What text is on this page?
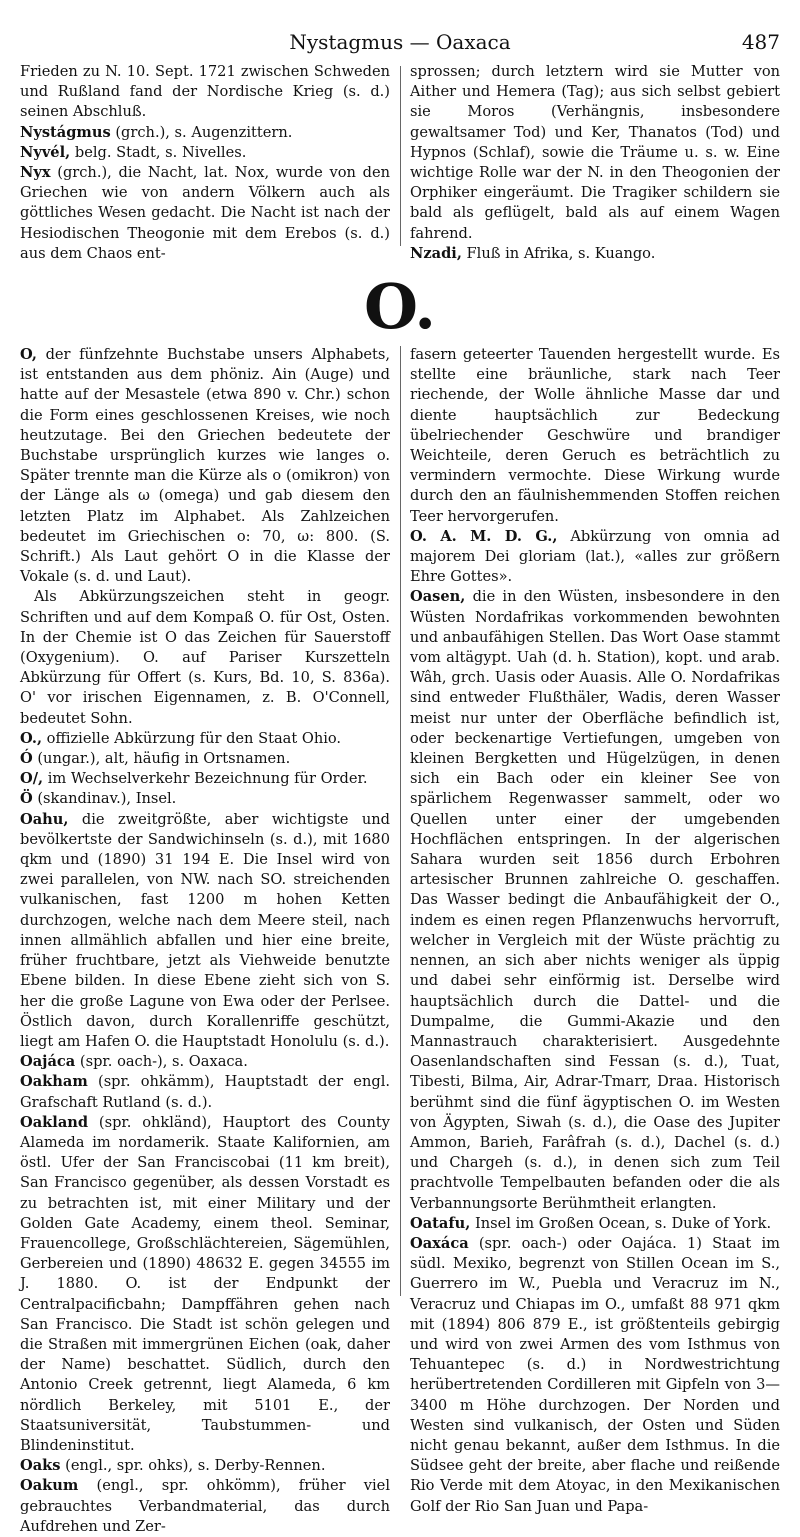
Nystagmus — Oaxaca	487

Frieden zu N. 10. Sept. 1721 zwischen Schweden und Rußland fand der Nordische Krieg (s. d.) seinen Abschluß.

Nystágmus (grch.), s. Augenzittern.

Nyvél, belg. Stadt, s. Nivelles.

Nyx (grch.), die Nacht, lat. Nox, wurde von den Griechen wie von andern Völkern auch als göttliches Wesen gedacht. Die Nacht ist nach der Hesiodischen Theogonie mit dem Erebos (s. d.) aus dem Chaos ent-

sprossen; durch letztern wird sie Mutter von Aither und Hemera (Tag); aus sich selbst gebiert sie Moros (Verhängnis, insbesondere gewaltsamer Tod) und Ker, Thanatos (Tod) und Hypnos (Schlaf), sowie die Träume u. s. w. Eine wichtige Rolle war der N. in den Theogonien der Orphiker eingeräumt. Die Tragiker schildern sie bald als geflügelt, bald als auf einem Wagen fahrend.

Nzadi, Fluß in Afrika, s. Kuango.

O.

O, der fünfzehnte Buchstabe unsers Alphabets, ist entstanden aus dem phöniz. Ain (Auge) und hatte auf der Mesastele (etwa 890 v. Chr.) schon die Form eines geschlossenen Kreises, wie noch heutzutage. Bei den Griechen bedeutete der Buchstabe ursprünglich kurzes wie langes o. Später trennte man die Kürze als o (omikron) von der Länge als ω (omega) und gab diesem den letzten Platz im Alphabet. Als Zahlzeichen bedeutet im Griechischen o: 70, ω: 800. (S. Schrift.) Als Laut gehört O in die Klasse der Vokale (s. d. und Laut).

Als Abkürzungszeichen steht in geogr. Schriften und auf dem Kompaß O. für Ost, Osten. In der Chemie ist O das Zeichen für Sauerstoff (Oxygenium). O. auf Pariser Kurszetteln Abkürzung für Offert (s. Kurs, Bd. 10, S. 836a). O' vor irischen Eigennamen, z. B. O'Connell, bedeutet Sohn.

O., offizielle Abkürzung für den Staat Ohio.

Ó (ungar.), alt, häufig in Ortsnamen.

O/, im Wechselverkehr Bezeichnung für Order.

Ö (skandinav.), Insel.

Oahu, die zweitgrößte, aber wichtigste und bevölkertste der Sandwichinseln (s. d.), mit 1680 qkm und (1890) 31 194 E. Die Insel wird von zwei parallelen, von NW. nach SO. streichenden vulkanischen, fast 1200 m hohen Ketten durchzogen, welche nach dem Meere steil, nach innen allmählich abfallen und hier eine breite, früher fruchtbare, jetzt als Viehweide benutzte Ebene bilden. In diese Ebene zieht sich von S. her die große Lagune von Ewa oder der Perlsee. Östlich davon, durch Korallenriffe geschützt, liegt am Hafen O. die Hauptstadt Honolulu (s. d.).

Oajáca (spr. oach-), s. Oaxaca.

Oakham (spr. ohkämm), Hauptstadt der engl. Grafschaft Rutland (s. d.).

Oakland (spr. ohkländ), Hauptort des County Alameda im nordamerik. Staate Kalifornien, am östl. Ufer der San Franciscobai (11 km breit), San Francisco gegenüber, als dessen Vorstadt es zu betrachten ist, mit einer Military und der Golden Gate Academy, einem theol. Seminar, Frauencollege, Großschlächtereien, Sägemühlen, Gerbereien und (1890) 48632 E. gegen 34555 im J. 1880. O. ist der Endpunkt der Centralpacificbahn; Dampffähren gehen nach San Francisco. Die Stadt ist schön gelegen und die Straßen mit immergrünen Eichen (oak, daher der Name) beschattet. Südlich, durch den Antonio Creek getrennt, liegt Alameda, 6 km nördlich Berkeley, mit 5101 E., der Staatsuniversität, Taubstummen- und Blindeninstitut.

Oaks (engl., spr. ohks), s. Derby-Rennen.

Oakum (engl., spr. ohkömm), früher viel gebrauchtes Verbandmaterial, das durch Aufdrehen und Zer-

fasern geteerter Tauenden hergestellt wurde. Es stellte eine bräunliche, stark nach Teer riechende, der Wolle ähnliche Masse dar und diente hauptsächlich zur Bedeckung übelriechender Geschwüre und brandiger Weichteile, deren Geruch es beträchtlich zu vermindern vermochte. Diese Wirkung wurde durch den an fäulnishemmenden Stoffen reichen Teer hervorgerufen.

O. A. M. D. G., Abkürzung von omnia ad majorem Dei gloriam (lat.), «alles zur größern Ehre Gottes».

Oasen, die in den Wüsten, insbesondere in den Wüsten Nordafrikas vorkommenden bewohnten und anbaufähigen Stellen. Das Wort Oase stammt vom altägypt. Uah (d. h. Station), kopt. und arab. Wâh, grch. Uasis oder Auasis. Alle O. Nordafrikas sind entweder Flußthäler, Wadis, deren Wasser meist nur unter der Oberfläche befindlich ist, oder beckenartige Vertiefungen, umgeben von kleinen Bergketten und Hügelzügen, in denen sich ein Bach oder ein kleiner See von spärlichem Regenwasser sammelt, oder wo Quellen unter einer der umgebenden Hochflächen entspringen. In der algerischen Sahara wurden seit 1856 durch Erbohren artesischer Brunnen zahlreiche O. geschaffen. Das Wasser bedingt die Anbaufähigkeit der O., indem es einen regen Pflanzenwuchs hervorruft, welcher in Vergleich mit der Wüste prächtig zu nennen, an sich aber nichts weniger als üppig und dabei sehr einförmig ist. Derselbe wird hauptsächlich durch die Dattel- und die Dumpalme, die Gummi-Akazie und den Mannastrauch charakterisiert. Ausgedehnte Oasenlandschaften sind Fessan (s. d.), Tuat, Tibesti, Bilma, Air, Adrar-Tmarr, Draa. Historisch berühmt sind die fünf ägyptischen O. im Westen von Ägypten, Siwah (s. d.), die Oase des Jupiter Ammon, Barieh, Farâfrah (s. d.), Dachel (s. d.) und Chargeh (s. d.), in denen sich zum Teil prachtvolle Tempelbauten befanden oder die als Verbannungsorte Berühmtheit erlangten.

Oatafu, Insel im Großen Ocean, s. Duke of York.

Oaxáca (spr. oach-) oder Oajáca. 1) Staat im südl. Mexiko, begrenzt von Stillen Ocean im S., Guerrero im W., Puebla und Veracruz im N., Veracruz und Chiapas im O., umfaßt 88 971 qkm mit (1894) 806 879 E., ist größtenteils gebirgig und wird von zwei Armen des vom Isthmus von Tehuantepec (s. d.) in Nordwestrichtung herübertretenden Cordilleren mit Gipfeln von 3—3400 m Höhe durchzogen. Der Norden und Westen sind vulkanisch, der Osten und Süden nicht genau bekannt, außer dem Isthmus. In die Südsee geht der breite, aber flache und reißende Rio Verde mit dem Atoyac, in den Mexikanischen Golf der Rio San Juan und Papa-
